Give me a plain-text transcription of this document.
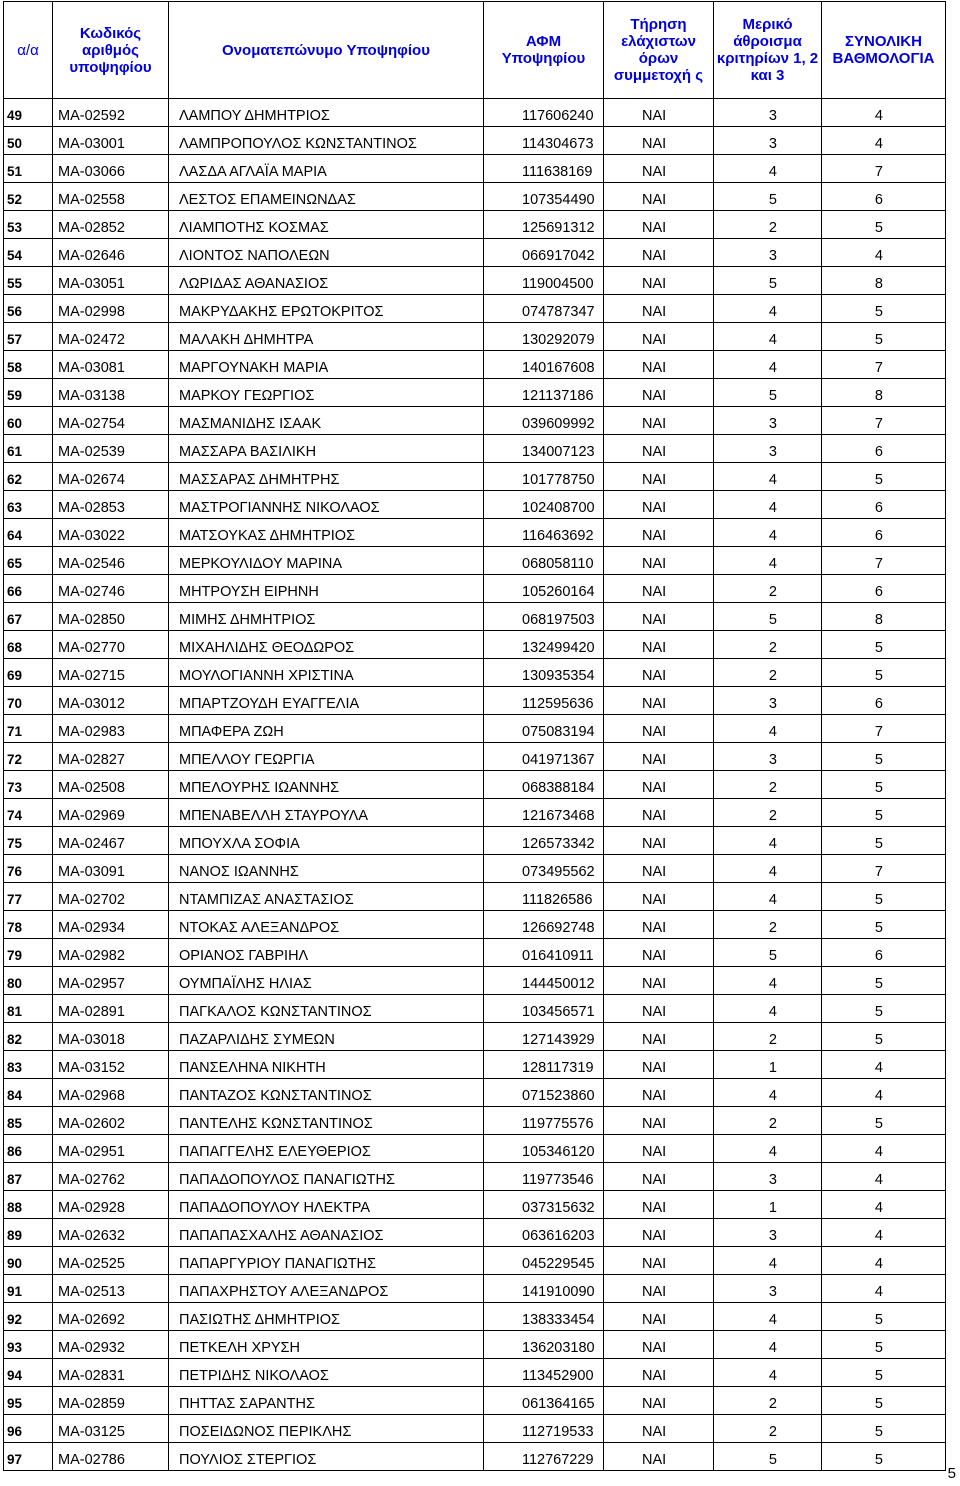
α/α	Κωδικός αριθμός υποψηφίου	Ονοματεπώνυμο Υποψηφίου	ΑΦΜ Υποψηφίου	Τήρηση ελάχιστων όρων συμμετοχή ς	Μερικό άθροισμα κριτηρίων 1, 2 και 3	ΣΥΝΟΛΙΚΗ ΒΑΘΜΟΛΟΓΙΑ
49	ΜΑ-02592	ΛΑΜΠΟΥ ΔΗΜΗΤΡΙΟΣ	117606240	ΝΑΙ	3	4
50	ΜΑ-03001	ΛΑΜΠΡΟΠΟΥΛΟΣ ΚΩΝΣΤΑΝΤΙΝΟΣ	114304673	ΝΑΙ	3	4
51	ΜΑ-03066	ΛΑΣΔΑ ΑΓΛΑΪΑ ΜΑΡΙΑ	111638169	ΝΑΙ	4	7
52	ΜΑ-02558	ΛΕΣΤΟΣ ΕΠΑΜΕΙΝΩΝΔΑΣ	107354490	ΝΑΙ	5	6
53	ΜΑ-02852	ΛΙΑΜΠΟΤΗΣ ΚΟΣΜΑΣ	125691312	ΝΑΙ	2	5
54	ΜΑ-02646	ΛΙΟΝΤΟΣ ΝΑΠΟΛΕΩΝ	066917042	ΝΑΙ	3	4
55	ΜΑ-03051	ΛΩΡΙΔΑΣ ΑΘΑΝΑΣΙΟΣ	119004500	ΝΑΙ	5	8
56	ΜΑ-02998	ΜΑΚΡΥΔΑΚΗΣ ΕΡΩΤΟΚΡΙΤΟΣ	074787347	ΝΑΙ	4	5
57	ΜΑ-02472	ΜΑΛΑΚΗ ΔΗΜΗΤΡΑ	130292079	ΝΑΙ	4	5
58	ΜΑ-03081	ΜΑΡΓΟΥΝΑΚΗ ΜΑΡΙΑ	140167608	ΝΑΙ	4	7
59	ΜΑ-03138	ΜΑΡΚΟΥ ΓΕΩΡΓΙΟΣ	121137186	ΝΑΙ	5	8
60	ΜΑ-02754	ΜΑΣΜΑΝΙΔΗΣ ΙΣΑΑΚ	039609992	ΝΑΙ	3	7
61	ΜΑ-02539	ΜΑΣΣΑΡΑ ΒΑΣΙΛΙΚΗ	134007123	ΝΑΙ	3	6
62	ΜΑ-02674	ΜΑΣΣΑΡΑΣ ΔΗΜΗΤΡΗΣ	101778750	ΝΑΙ	4	5
63	ΜΑ-02853	ΜΑΣΤΡΟΓΙΑΝΝΗΣ ΝΙΚΟΛΑΟΣ	102408700	ΝΑΙ	4	6
64	ΜΑ-03022	ΜΑΤΣΟΥΚΑΣ ΔΗΜΗΤΡΙΟΣ	116463692	ΝΑΙ	4	6
65	ΜΑ-02546	ΜΕΡΚΟΥΛΙΔΟΥ ΜΑΡΙΝΑ	068058110	ΝΑΙ	4	7
66	ΜΑ-02746	ΜΗΤΡΟΥΣΗ ΕΙΡΗΝΗ	105260164	ΝΑΙ	2	6
67	ΜΑ-02850	ΜΙΜΗΣ ΔΗΜΗΤΡΙΟΣ	068197503	ΝΑΙ	5	8
68	ΜΑ-02770	ΜΙΧΑΗΛΙΔΗΣ ΘΕΟΔΩΡΟΣ	132499420	ΝΑΙ	2	5
69	ΜΑ-02715	ΜΟΥΛΟΓΙΑΝΝΗ ΧΡΙΣΤΙΝΑ	130935354	ΝΑΙ	2	5
70	ΜΑ-03012	ΜΠΑΡΤΖΟΥΔΗ ΕΥΑΓΓΕΛΙΑ	112595636	ΝΑΙ	3	6
71	ΜΑ-02983	ΜΠΑΦΕΡΑ ΖΩΗ	075083194	ΝΑΙ	4	7
72	ΜΑ-02827	ΜΠΕΛΛΟΥ ΓΕΩΡΓΙΑ	041971367	ΝΑΙ	3	5
73	ΜΑ-02508	ΜΠΕΛΟΥΡΗΣ ΙΩΑΝΝΗΣ	068388184	ΝΑΙ	2	5
74	ΜΑ-02969	ΜΠΕΝΑΒΕΛΛΗ ΣΤΑΥΡΟΥΛΑ	121673468	ΝΑΙ	2	5
75	ΜΑ-02467	ΜΠΟΥΧΛΑ ΣΟΦΙΑ	126573342	ΝΑΙ	4	5
76	ΜΑ-03091	ΝΑΝΟΣ ΙΩΑΝΝΗΣ	073495562	ΝΑΙ	4	7
77	ΜΑ-02702	ΝΤΑΜΠΙΖΑΣ ΑΝΑΣΤΑΣΙΟΣ	111826586	ΝΑΙ	4	5
78	ΜΑ-02934	ΝΤΟΚΑΣ ΑΛΕΞΑΝΔΡΟΣ	126692748	ΝΑΙ	2	5
79	ΜΑ-02982	ΟΡΙΑΝΟΣ ΓΑΒΡΙΗΛ	016410911	ΝΑΙ	5	6
80	ΜΑ-02957	ΟΥΜΠΑΪΛΗΣ ΗΛΙΑΣ	144450012	ΝΑΙ	4	5
81	ΜΑ-02891	ΠΑΓΚΑΛΟΣ ΚΩΝΣΤΑΝΤΙΝΟΣ	103456571	ΝΑΙ	4	5
82	ΜΑ-03018	ΠΑΖΑΡΛΙΔΗΣ ΣΥΜΕΩΝ	127143929	ΝΑΙ	2	5
83	ΜΑ-03152	ΠΑΝΣΕΛΗΝΑ ΝΙΚΗΤΗ	128117319	ΝΑΙ	1	4
84	ΜΑ-02968	ΠΑΝΤΑΖΟΣ ΚΩΝΣΤΑΝΤΙΝΟΣ	071523860	ΝΑΙ	4	4
85	ΜΑ-02602	ΠΑΝΤΕΛΗΣ ΚΩΝΣΤΑΝΤΙΝΟΣ	119775576	ΝΑΙ	2	5
86	ΜΑ-02951	ΠΑΠΑΓΓΕΛΗΣ ΕΛΕΥΘΕΡΙΟΣ	105346120	ΝΑΙ	4	4
87	ΜΑ-02762	ΠΑΠΑΔΟΠΟΥΛΟΣ ΠΑΝΑΓΙΩΤΗΣ	119773546	ΝΑΙ	3	4
88	ΜΑ-02928	ΠΑΠΑΔΟΠΟΥΛΟΥ ΗΛΕΚΤΡΑ	037315632	ΝΑΙ	1	4
89	ΜΑ-02632	ΠΑΠΑΠΑΣΧΑΛΗΣ ΑΘΑΝΑΣΙΟΣ	063616203	ΝΑΙ	3	4
90	ΜΑ-02525	ΠΑΠΑΡΓΥΡΙΟΥ ΠΑΝΑΓΙΩΤΗΣ	045229545	ΝΑΙ	4	4
91	ΜΑ-02513	ΠΑΠΑΧΡΗΣΤΟΥ ΑΛΕΞΑΝΔΡΟΣ	141910090	ΝΑΙ	3	4
92	ΜΑ-02692	ΠΑΣΙΩΤΗΣ ΔΗΜΗΤΡΙΟΣ	138333454	ΝΑΙ	4	5
93	ΜΑ-02932	ΠΕΤΚΕΛΗ ΧΡΥΣΗ	136203180	ΝΑΙ	4	5
94	ΜΑ-02831	ΠΕΤΡΙΔΗΣ ΝΙΚΟΛΑΟΣ	113452900	ΝΑΙ	4	5
95	ΜΑ-02859	ΠΗΤΤΑΣ ΣΑΡΑΝΤΗΣ	061364165	ΝΑΙ	2	5
96	ΜΑ-03125	ΠΟΣΕΙΔΩΝΟΣ ΠΕΡΙΚΛΗΣ	112719533	ΝΑΙ	2	5
97	ΜΑ-02786	ΠΟΥΛΙΟΣ ΣΤΕΡΓΙΟΣ	112767229	ΝΑΙ	5	5
5
